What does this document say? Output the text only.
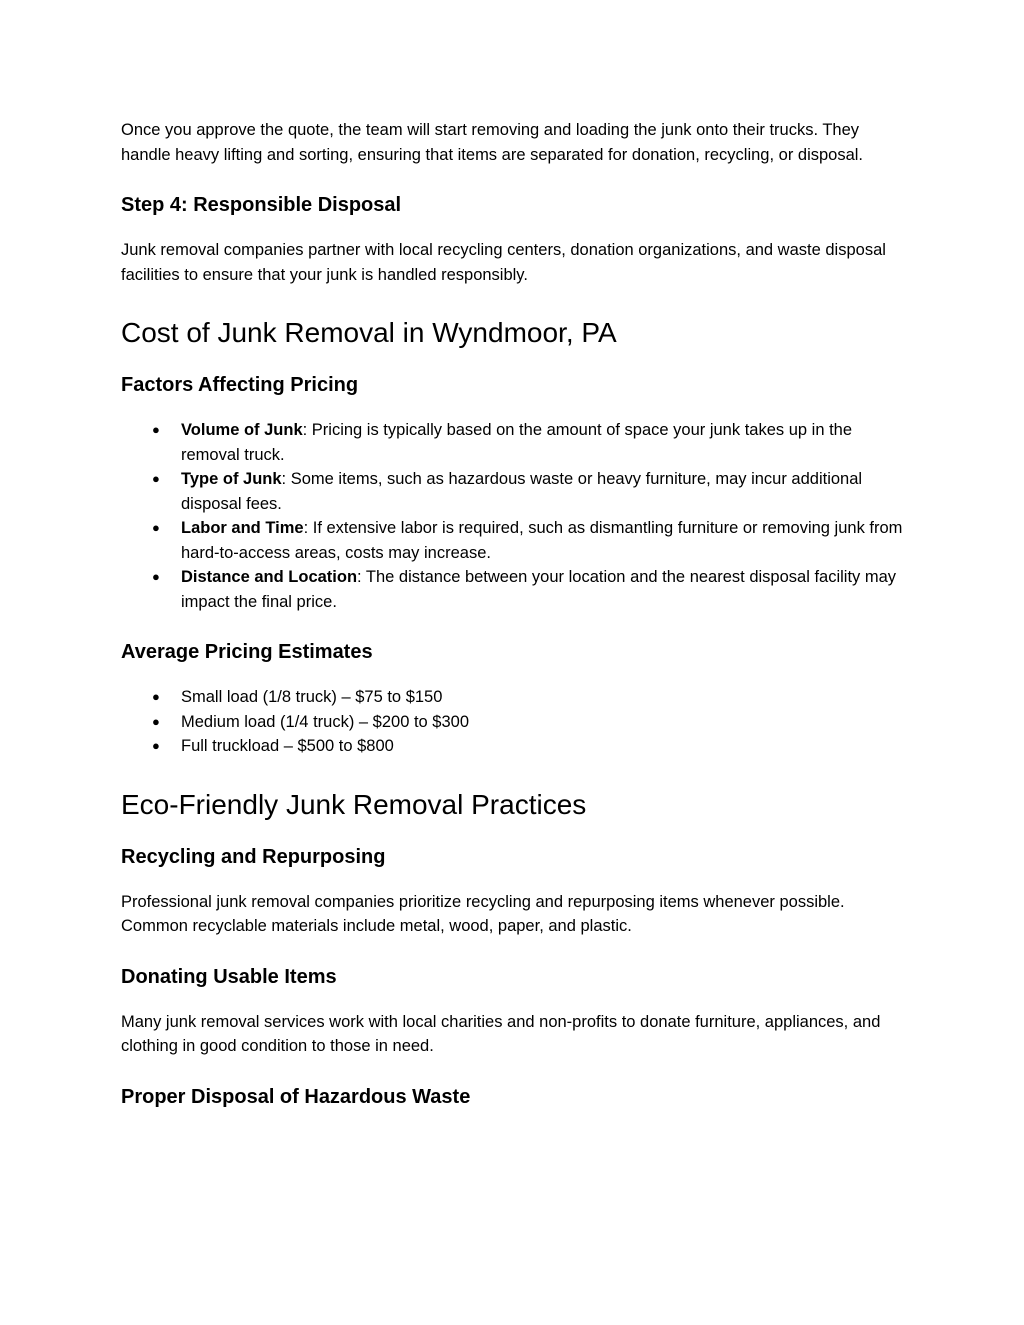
Once you approve the quote, the team will start removing and loading the junk onto their trucks. They handle heavy lifting and sorting, ensuring that items are separated for donation, recycling, or disposal.

Step 4: Responsible Disposal

Junk removal companies partner with local recycling centers, donation organizations, and waste disposal facilities to ensure that your junk is handled responsibly.

Cost of Junk Removal in Wyndmoor, PA
Factors Affecting Pricing
● Volume of Junk: Pricing is typically based on the amount of space your junk takes up in the removal truck.
● Type of Junk: Some items, such as hazardous waste or heavy furniture, may incur additional disposal fees.
● Labor and Time: If extensive labor is required, such as dismantling furniture or removing junk from hard-to-access areas, costs may increase.
● Distance and Location: The distance between your location and the nearest disposal facility may impact the final price.
Average Pricing Estimates
● Small load (1/8 truck) – $75 to $150
● Medium load (1/4 truck) – $200 to $300
● Full truckload – $500 to $800
Eco-Friendly Junk Removal Practices
Recycling and Repurposing

Professional junk removal companies prioritize recycling and repurposing items whenever possible. Common recyclable materials include metal, wood, paper, and plastic.

Donating Usable Items

Many junk removal services work with local charities and non-profits to donate furniture, appliances, and clothing in good condition to those in need.

Proper Disposal of Hazardous Waste
